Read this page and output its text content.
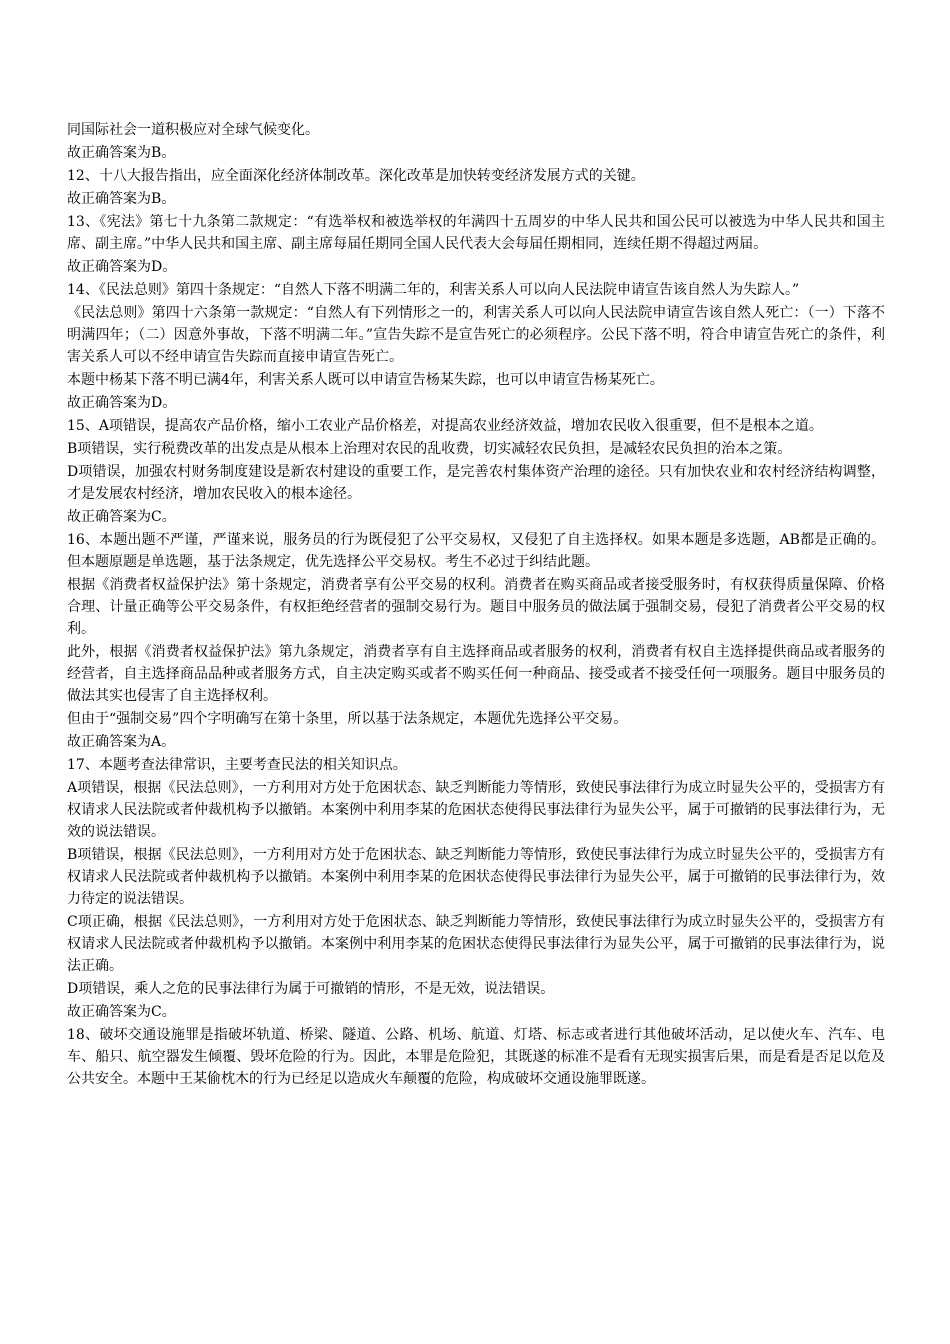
同国际社会一道积极应对全球气候变化。

故正确答案为B。

12、十八大报告指出，应全面深化经济体制改革。深化改革是加快转变经济发展方式的关键。

故正确答案为B。

13、《宪法》第七十九条第二款规定：“有选举权和被选举权的年满四十五周岁的中华人民共和国公民可以被选为中华人民共和国主席、副主席。”中华人民共和国主席、副主席每届任期同全国人民代表大会每届任期相同，连续任期不得超过两届。

故正确答案为D。

14、《民法总则》第四十条规定：“自然人下落不明满二年的，利害关系人可以向人民法院申请宣告该自然人为失踪人。”

《民法总则》第四十六条第一款规定：“自然人有下列情形之一的，利害关系人可以向人民法院申请宣告该自然人死亡：（一）下落不明满四年；（二）因意外事故，下落不明满二年。”宣告失踪不是宣告死亡的必须程序。公民下落不明，符合申请宣告死亡的条件，利害关系人可以不经申请宣告失踪而直接申请宣告死亡。

本题中杨某下落不明已满4年，利害关系人既可以申请宣告杨某失踪，也可以申请宣告杨某死亡。

故正确答案为D。

15、A项错误，提高农产品价格，缩小工农业产品价格差，对提高农业经济效益，增加农民收入很重要，但不是根本之道。

B项错误，实行税费改革的出发点是从根本上治理对农民的乱收费，切实减轻农民负担，是减轻农民负担的治本之策。

D项错误，加强农村财务制度建设是新农村建设的重要工作，是完善农村集体资产治理的途径。只有加快农业和农村经济结构调整，才是发展农村经济，增加农民收入的根本途径。

故正确答案为C。

16、本题出题不严谨，严谨来说，服务员的行为既侵犯了公平交易权，又侵犯了自主选择权。如果本题是多选题，AB都是正确的。但本题原题是单选题，基于法条规定，优先选择公平交易权。考生不必过于纠结此题。

根据《消费者权益保护法》第十条规定，消费者享有公平交易的权利。消费者在购买商品或者接受服务时，有权获得质量保障、价格合理、计量正确等公平交易条件，有权拒绝经营者的强制交易行为。题目中服务员的做法属于强制交易，侵犯了消费者公平交易的权利。

此外，根据《消费者权益保护法》第九条规定，消费者享有自主选择商品或者服务的权利，消费者有权自主选择提供商品或者服务的经营者，自主选择商品品种或者服务方式，自主决定购买或者不购买任何一种商品、接受或者不接受任何一项服务。题目中服务员的做法其实也侵害了自主选择权利。

但由于“强制交易”四个字明确写在第十条里，所以基于法条规定，本题优先选择公平交易。

故正确答案为A。

17、本题考查法律常识，主要考查民法的相关知识点。

A项错误，根据《民法总则》，一方利用对方处于危困状态、缺乏判断能力等情形，致使民事法律行为成立时显失公平的，受损害方有权请求人民法院或者仲裁机构予以撤销。本案例中利用李某的危困状态使得民事法律行为显失公平，属于可撤销的民事法律行为，无效的说法错误。

B项错误，根据《民法总则》，一方利用对方处于危困状态、缺乏判断能力等情形，致使民事法律行为成立时显失公平的，受损害方有权请求人民法院或者仲裁机构予以撤销。本案例中利用李某的危困状态使得民事法律行为显失公平，属于可撤销的民事法律行为，效力待定的说法错误。

C项正确，根据《民法总则》，一方利用对方处于危困状态、缺乏判断能力等情形，致使民事法律行为成立时显失公平的，受损害方有权请求人民法院或者仲裁机构予以撤销。本案例中利用李某的危困状态使得民事法律行为显失公平，属于可撤销的民事法律行为，说法正确。

D项错误，乘人之危的民事法律行为属于可撤销的情形，不是无效，说法错误。

故正确答案为C。

18、破坏交通设施罪是指破坏轨道、桥梁、隧道、公路、机场、航道、灯塔、标志或者进行其他破坏活动，足以使火车、汽车、电车、船只、航空器发生倾覆、毁坏危险的行为。因此，本罪是危险犯，其既遂的标准不是看有无现实损害后果，而是看是否足以危及公共安全。本题中王某偷枕木的行为已经足以造成火车颠覆的危险，构成破坏交通设施罪既遂。
